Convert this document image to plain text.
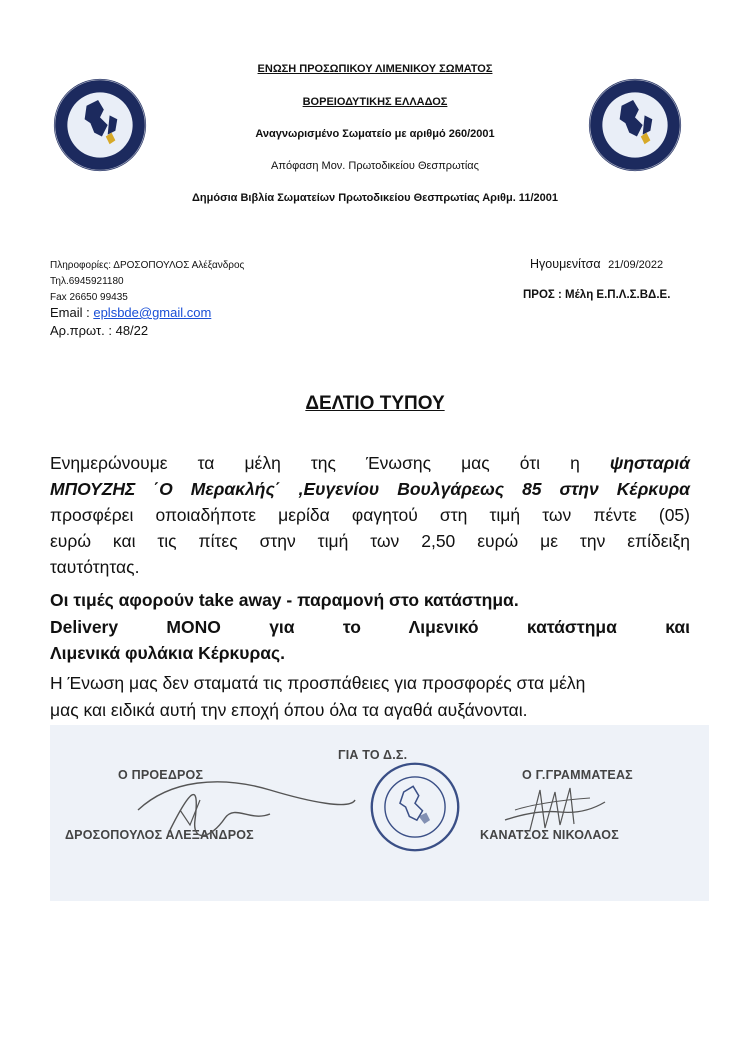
ΕΝΩΣΗ ΠΡΟΣΩΠΙΚΟΥ ΛΙΜΕΝΙΚΟΥ ΣΩΜΑΤΟΣ
ΒΟΡΕΙΟΔΥΤΙΚΗΣ ΕΛΛΑΔΟΣ
Αναγνωρισμένο Σωματείο με αριθμό 260/2001
Απόφαση Μον. Πρωτοδικείου Θεσπρωτίας
Δημόσια Βιβλία Σωματείων Πρωτοδικείου Θεσπρωτίας Αριθμ. 11/2001
Πληροφορίες: ΔΡΟΣΟΠΟΥΛΟΣ Αλέξανδρος
Τηλ.6945921180
Fax 26650 99435
Email : eplsbde@gmail.com
Αρ.πρωτ. : 48/22
Ηγουμενίτσα 21/09/2022
ΠΡΟΣ : Μέλη Ε.Π.Λ.Σ.ΒΔ.Ε.
ΔΕΛΤΙΟ ΤΥΠΟΥ
Ενημερώνουμε τα μέλη της Ένωσης μας ότι η ψησταριά
ΜΠΟΥΖΗΣ ΄Ο Μερακλής΄ ,Ευγενίου Βουλγάρεως 85 στην Κέρκυρα
προσφέρει οποιαδήποτε μερίδα φαγητού στη τιμή των πέντε (05)
ευρώ και τις πίτες στην τιμή των 2,50 ευρώ με την επίδειξη
ταυτότητας.
Οι τιμές αφορούν take away - παραμονή στο κατάστημα.
Delivery ΜΟΝΟ για το Λιμενικό κατάστημα και
Λιμενικά φυλάκια Κέρκυρας.
Η Ένωση μας δεν σταματά τις προσπάθειες για προσφορές στα μέλη
μας και ειδικά αυτή την εποχή όπου όλα τα αγαθά αυξάνονται.
Ο ΠΡΟΕΔΡΟΣ
ΔΡΟΣΟΠΟΥΛΟΣ ΑΛΕΞΑΝΔΡΟΣ
ΓΙΑ ΤΟ Δ.Σ.
Ο Γ.ΓΡΑΜΜΑΤΕΑΣ
ΚΑΝΑΤΣΟΣ ΝΙΚΟΛΑΟΣ
